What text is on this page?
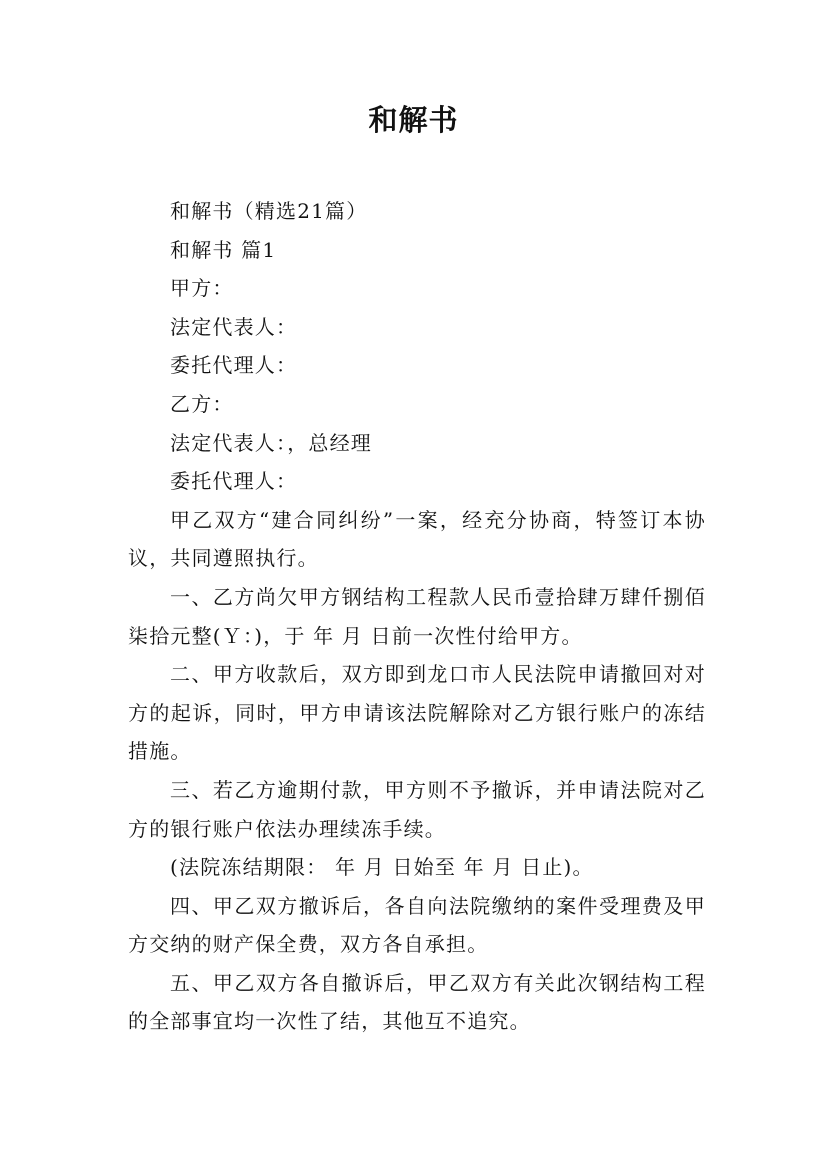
和解书

和解书（精选21篇）

和解书 篇1

甲方：

法定代表人：

委托代理人：

乙方：

法定代表人：，总经理

委托代理人：

甲乙双方“建合同纠纷”一案，经充分协商，特签订本协议，共同遵照执行。

一、乙方尚欠甲方钢结构工程款人民币壹拾肆万肆仟捌佰柒拾元整(Ｙ：)，于 年 月 日前一次性付给甲方。

二、甲方收款后，双方即到龙口市人民法院申请撤回对对方的起诉，同时，甲方申请该法院解除对乙方银行账户的冻结措施。

三、若乙方逾期付款，甲方则不予撤诉，并申请法院对乙方的银行账户依法办理续冻手续。

(法院冻结期限： 年 月 日始至 年 月 日止)。

四、甲乙双方撤诉后，各自向法院缴纳的案件受理费及甲方交纳的财产保全费，双方各自承担。

五、甲乙双方各自撤诉后，甲乙双方有关此次钢结构工程的全部事宜均一次性了结，其他互不追究。
